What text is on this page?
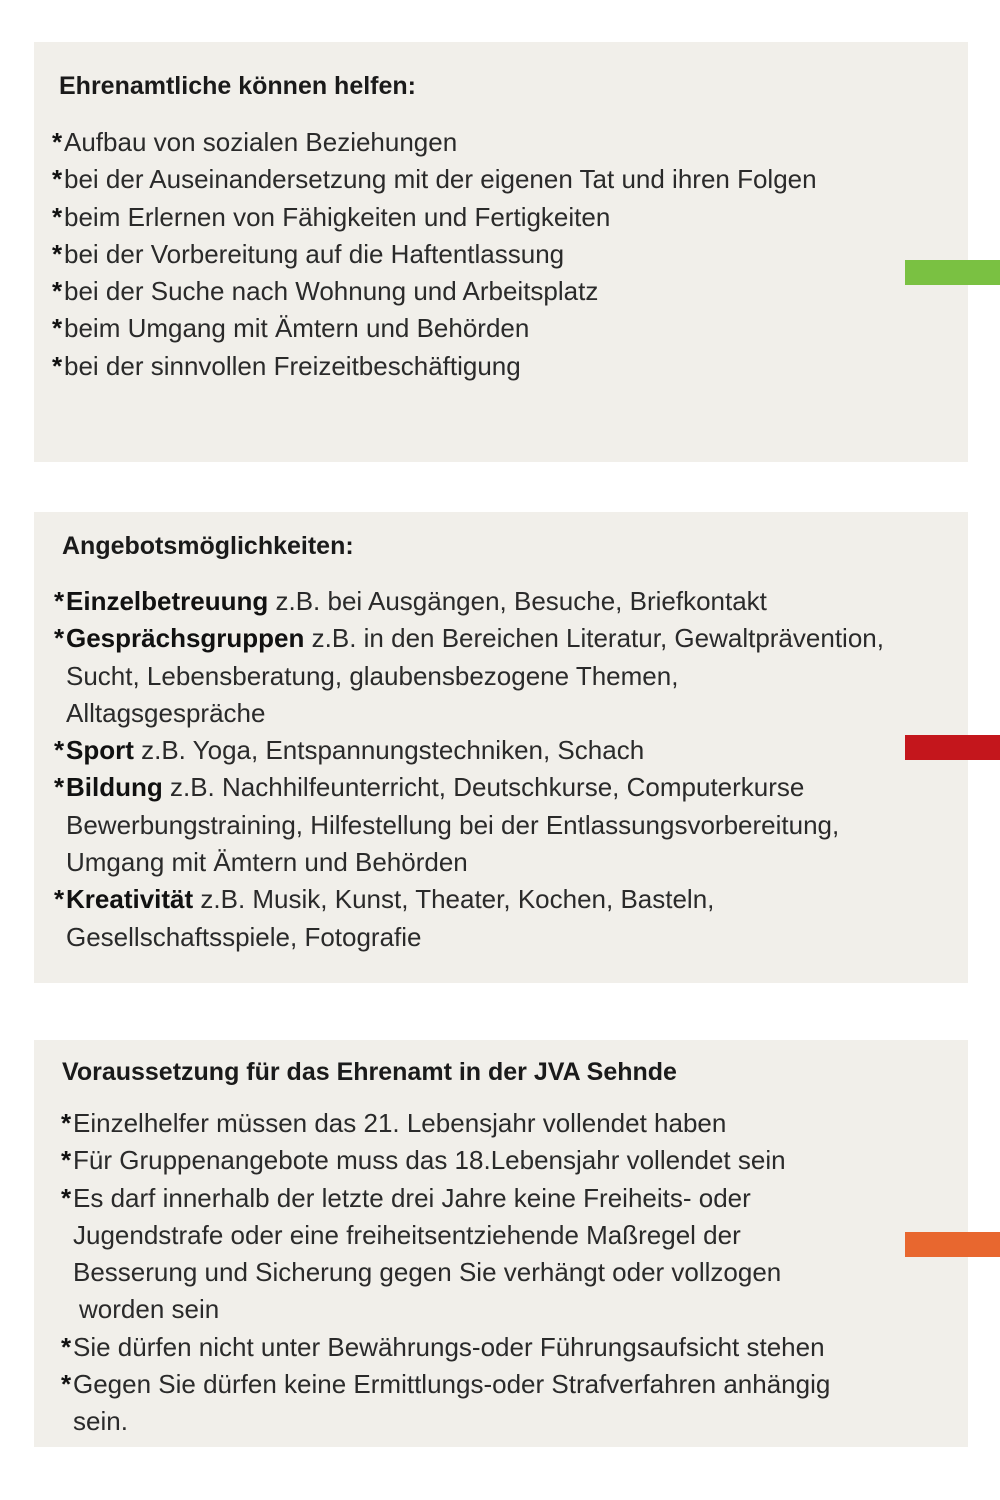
Ehrenamtliche können helfen:
* Aufbau von sozialen Beziehungen
* bei der Auseinandersetzung mit der eigenen Tat und ihren Folgen
* beim Erlernen von Fähigkeiten und Fertigkeiten
* bei der Vorbereitung auf die Haftentlassung
* bei der Suche nach Wohnung und Arbeitsplatz
* beim Umgang mit Ämtern und Behörden
* bei der sinnvollen Freizeitbeschäftigung
Angebotsmöglichkeiten:
* Einzelbetreuung z.B. bei Ausgängen, Besuche, Briefkontakt
* Gesprächsgruppen z.B. in den Bereichen Literatur, Gewaltprävention,
Sucht, Lebensberatung, glaubensbezogene Themen,
Alltagsgespräche
* Sport z.B. Yoga, Entspannungstechniken, Schach
* Bildung z.B. Nachhilfeunterricht, Deutschkurse, Computerkurse
Bewerbungstraining, Hilfestellung bei der Entlassungsvorbereitung,
Umgang mit Ämtern und Behörden
* Kreativität z.B. Musik, Kunst, Theater, Kochen, Basteln,
Gesellschaftsspiele, Fotografie
Voraussetzung für das Ehrenamt in der JVA Sehnde
* Einzelhelfer müssen das 21. Lebensjahr vollendet haben
* Für Gruppenangebote muss das 18.Lebensjahr vollendet sein
* Es darf innerhalb der letzte drei Jahre keine Freiheits- oder
Jugendstrafe oder eine freiheitsentziehende Maßregel der
Besserung und Sicherung gegen Sie verhängt oder vollzogen
worden sein
* Sie dürfen nicht unter Bewährungs-oder Führungsaufsicht stehen
* Gegen Sie dürfen keine Ermittlungs-oder Strafverfahren anhängig
sein.
